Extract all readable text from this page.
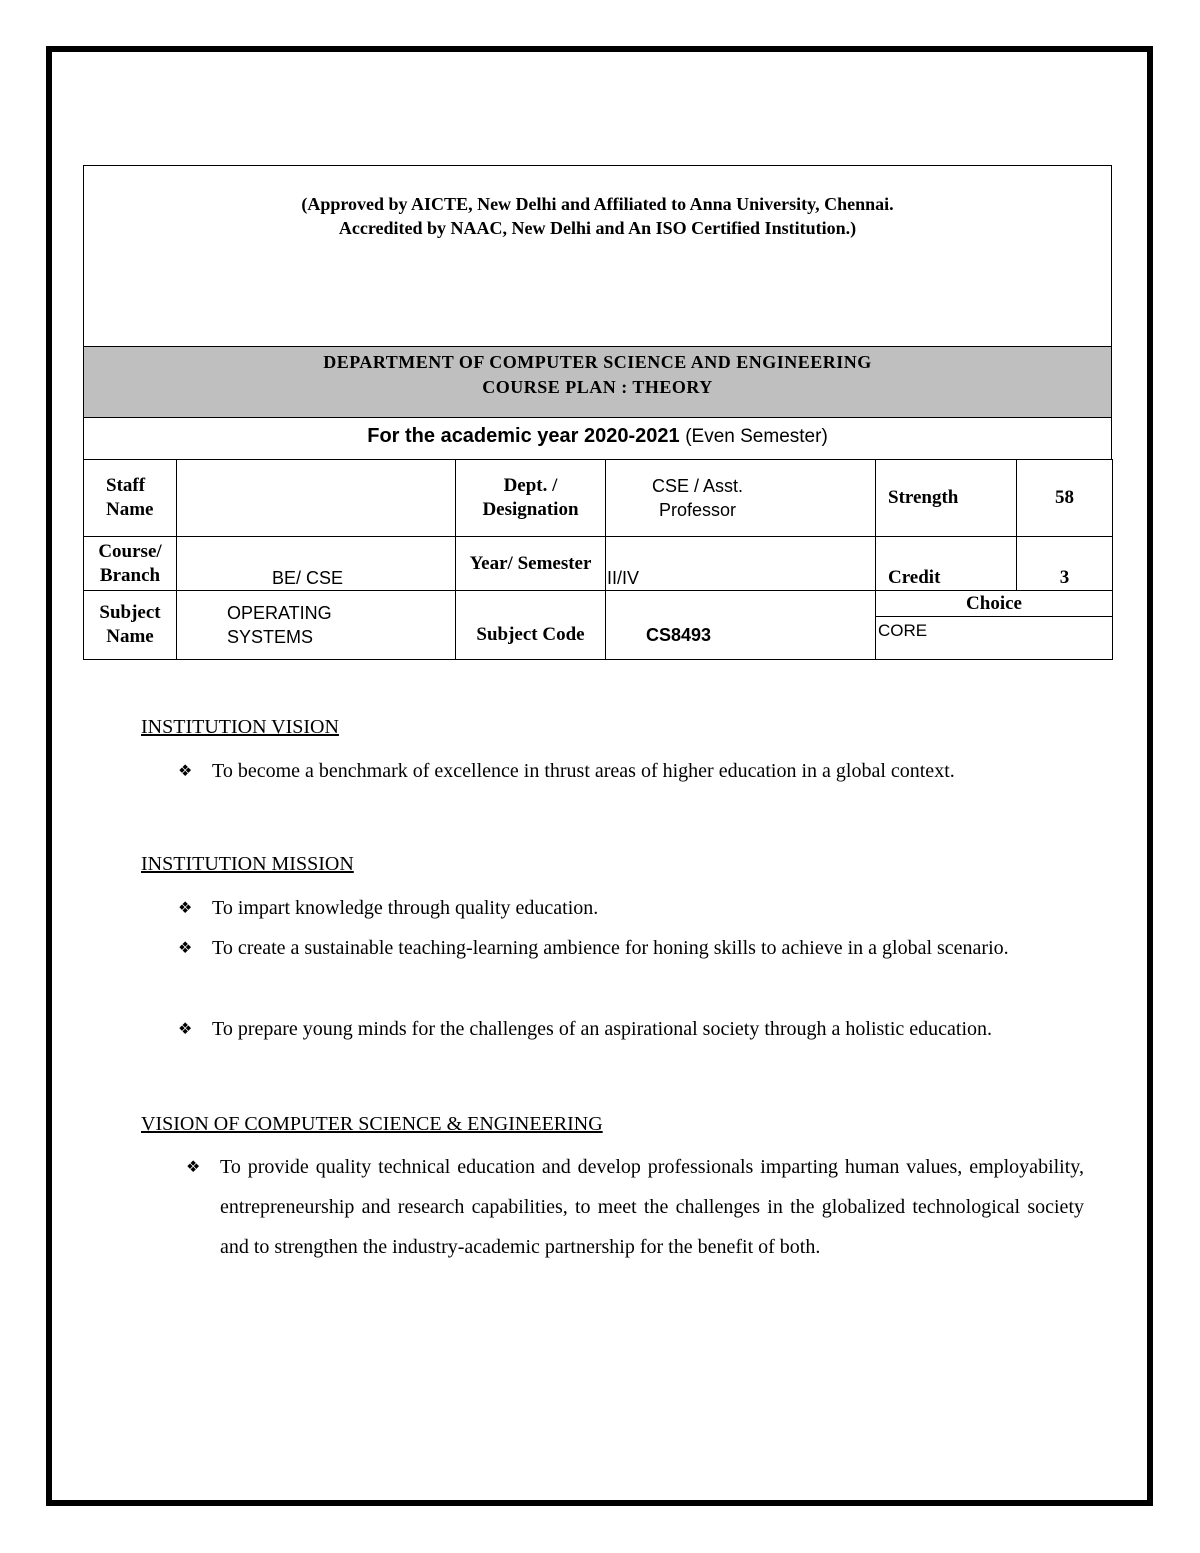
(Approved by AICTE, New Delhi and Affiliated to Anna University, Chennai.
Accredited by NAAC, New Delhi and An ISO Certified Institution.)
DEPARTMENT OF COMPUTER SCIENCE AND ENGINEERING
COURSE PLAN : THEORY
For the academic year 2020-2021 (Even Semester)
Staff Name		Dept. / Designation	CSE / Asst. Professor	Strength	58
Course/ Branch	BE/ CSE	Year/ Semester	II/IV	Credit	3
Subject Name	OPERATING SYSTEMS	Subject Code	CS8493	Choice
CORE	
INSTITUTION VISION
❖ To become a benchmark of excellence in thrust areas of higher education in a global context.
INSTITUTION MISSION
❖ To impart knowledge through quality education.
❖ To create a sustainable teaching-learning ambience for honing skills to achieve in a global scenario.
❖ To prepare young minds for the challenges of an aspirational society through a holistic education.
VISION OF COMPUTER SCIENCE & ENGINEERING
❖ To provide quality technical education and develop professionals imparting human values, employability, entrepreneurship and research capabilities, to meet the challenges in the globalized technological society and to strengthen the industry-academic partnership for the benefit of both.
